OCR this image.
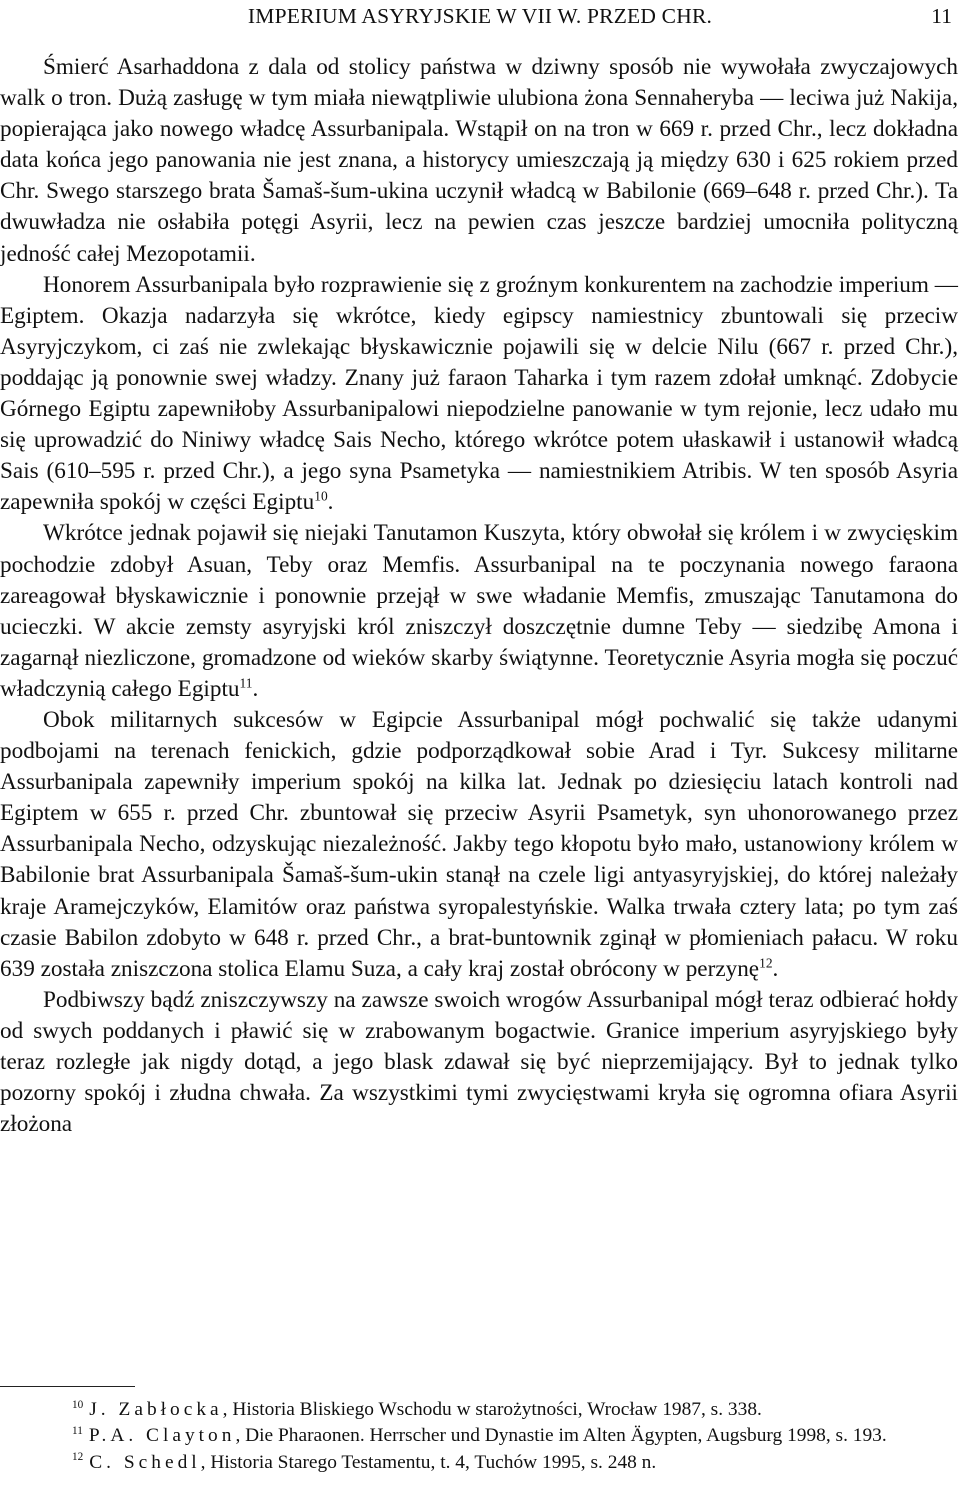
IMPERIUM ASYRYJSKIE W VII W. PRZED CHR.	11

Śmierć Asarhaddona z dala od stolicy państwa w dziwny sposób nie wywołała zwyczajowych walk o tron. Dużą zasługę w tym miała niewątpliwie ulubiona żona Sennaheryba — leciwa już Nakija, popierająca jako nowego władcę Assurbanipala. Wstąpił on na tron w 669 r. przed Chr., lecz dokładna data końca jego panowania nie jest znana, a historycy umieszczają ją między 630 i 625 rokiem przed Chr. Swego starszego brata Šamaš-šum-ukina uczynił władcą w Babilonie (669–648 r. przed Chr.). Ta dwuwładza nie osłabiła potęgi Asyrii, lecz na pewien czas jeszcze bardziej umocniła polityczną jedność całej Mezopotamii.

Honorem Assurbanipala było rozprawienie się z groźnym konkurentem na zachodzie imperium — Egiptem. Okazja nadarzyła się wkrótce, kiedy egipscy namiestnicy zbuntowali się przeciw Asyryjczykom, ci zaś nie zwlekając błyskawicznie pojawili się w delcie Nilu (667 r. przed Chr.), poddając ją ponownie swej władzy. Znany już faraon Taharka i tym razem zdołał umknąć. Zdobycie Górnego Egiptu zapewniłoby Assurbanipalowi niepodzielne panowanie w tym rejonie, lecz udało mu się uprowadzić do Niniwy władcę Sais Necho, którego wkrótce potem ułaskawił i ustanowił władcą Sais (610–595 r. przed Chr.), a jego syna Psametyka — namiestnikiem Atribis. W ten sposób Asyria zapewniła spokój w części Egiptu$^{10}$.

Wkrótce jednak pojawił się niejaki Tanutamon Kuszyta, który obwołał się królem i w zwycięskim pochodzie zdobył Asuan, Teby oraz Memfis. Assurbanipal na te poczynania nowego faraona zareagował błyskawicznie i ponownie przejął w swe władanie Memfis, zmuszając Tanutamona do ucieczki. W akcie zemsty asyryjski król zniszczył doszczętnie dumne Teby — siedzibę Amona i zagarnął niezliczone, gromadzone od wieków skarby świątynne. Teoretycznie Asyria mogła się poczuć władczynią całego Egiptu$^{11}$.

Obok militarnych sukcesów w Egipcie Assurbanipal mógł pochwalić się także udanymi podbojami na terenach fenickich, gdzie podporządkował sobie Arad i Tyr. Sukcesy militarne Assurbanipala zapewniły imperium spokój na kilka lat. Jednak po dziesięciu latach kontroli nad Egiptem w 655 r. przed Chr. zbuntował się przeciw Asyrii Psametyk, syn uhonorowanego przez Assurbanipala Necho, odzyskując niezależność. Jakby tego kłopotu było mało, ustanowiony królem w Babilonie brat Assurbanipala Šamaš-šum-ukin stanął na czele ligi antyasyryjskiej, do której należały kraje Aramejczyków, Elamitów oraz państwa syropalestyńskie. Walka trwała cztery lata; po tym zaś czasie Babilon zdobyto w 648 r. przed Chr., a brat-buntownik zginął w płomieniach pałacu. W roku 639 została zniszczona stolica Elamu Suza, a cały kraj został obrócony w perzynę$^{12}$.

Podbiwszy bądź zniszczywszy na zawsze swoich wrogów Assurbanipal mógł teraz odbierać hołdy od swych poddanych i pławić się w zrabowanym bogactwie. Granice imperium asyryjskiego były teraz rozległe jak nigdy dotąd, a jego blask zdawał się być nieprzemijający. Był to jednak tylko pozorny spokój i złudna chwała. Za wszystkimi tymi zwycięstwami kryła się ogromna ofiara Asyrii złożona

$^{10}$ J. Zabłocka, Historia Bliskiego Wschodu w starożytności, Wrocław 1987, s. 338.

$^{11}$ P.A. Clayton, Die Pharaonen. Herrscher und Dynastie im Alten Ägypten, Augsburg 1998, s. 193.

$^{12}$ C. Schedl, Historia Starego Testamentu, t. 4, Tuchów 1995, s. 248 n.
